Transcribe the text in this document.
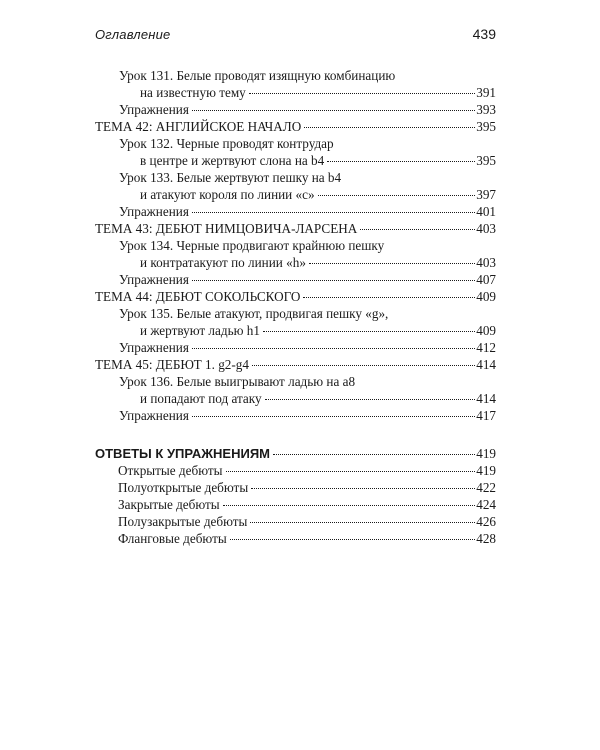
Оглавление	439
Урок 131. Белые проводят изящную комбинацию
на известную тему	391
Упражнения	393
ТЕМА 42: АНГЛИЙСКОЕ НАЧАЛО	395
Урок 132. Черные проводят контрудар
в центре и жертвуют слона на b4	395
Урок 133. Белые жертвуют пешку на b4
и атакуют короля по линии «с»	397
Упражнения	401
ТЕМА 43: ДЕБЮТ НИМЦОВИЧА-ЛАРСЕНА	403
Урок 134. Черные продвигают крайнюю пешку
и контратакуют по линии «h»	403
Упражнения	407
ТЕМА 44: ДЕБЮТ СОКОЛЬСКОГО	409
Урок 135. Белые атакуют, продвигая пешку «g»,
и жертвуют ладью h1	409
Упражнения	412
ТЕМА 45: ДЕБЮТ 1. g2-g4	414
Урок 136. Белые выигрывают ладью на а8
и попадают под атаку	414
Упражнения	417
ОТВЕТЫ К УПРАЖНЕНИЯМ	419
Открытые дебюты	419
Полуоткрытые дебюты	422
Закрытые дебюты	424
Полузакрытые дебюты	426
Фланговые дебюты	428
